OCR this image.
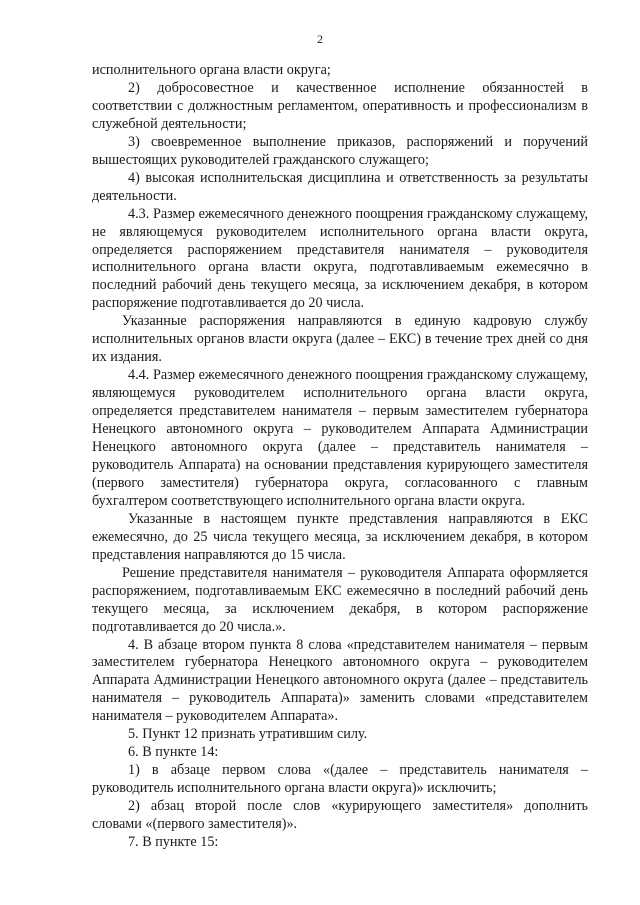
2

исполнительного органа власти округа;

2) добросовестное и качественное исполнение обязанностей в соответствии с должностным регламентом, оперативность и профессионализм в служебной деятельности;

3) своевременное выполнение приказов, распоряжений и поручений вышестоящих руководителей гражданского служащего;

4) высокая исполнительская дисциплина и ответственность за результаты деятельности.

4.3. Размер ежемесячного денежного поощрения гражданскому служащему, не являющемуся руководителем исполнительного органа власти округа, определяется распоряжением представителя нанимателя – руководителя исполнительного органа власти округа, подготавливаемым ежемесячно в последний рабочий день текущего месяца, за исключением декабря, в котором распоряжение подготавливается до 20 числа.

Указанные распоряжения направляются в единую кадровую службу исполнительных органов власти округа (далее – ЕКС) в течение трех дней со дня их издания.

4.4. Размер ежемесячного денежного поощрения гражданскому служащему, являющемуся руководителем исполнительного органа власти округа, определяется представителем нанимателя – первым заместителем губернатора Ненецкого автономного округа – руководителем Аппарата Администрации Ненецкого автономного округа (далее – представитель нанимателя – руководитель Аппарата) на основании представления курирующего заместителя (первого заместителя) губернатора округа, согласованного с главным бухгалтером соответствующего исполнительного органа власти округа.

Указанные в настоящем пункте представления направляются в ЕКС ежемесячно, до 25 числа текущего месяца, за исключением декабря, в котором представления направляются до 15 числа.

Решение представителя нанимателя – руководителя Аппарата оформляется распоряжением, подготавливаемым ЕКС ежемесячно в последний рабочий день текущего месяца, за исключением декабря, в котором распоряжение подготавливается до 20 числа.».

4. В абзаце втором пункта 8 слова «представителем нанимателя – первым заместителем губернатора Ненецкого автономного округа – руководителем Аппарата Администрации Ненецкого автономного округа (далее – представитель нанимателя – руководитель Аппарата)» заменить словами «представителем нанимателя – руководителем Аппарата».

5. Пункт 12 признать утратившим силу.

6. В пункте 14:

1) в абзаце первом слова «(далее – представитель нанимателя – руководитель исполнительного органа власти округа)» исключить;

2) абзац второй после слов «курирующего заместителя» дополнить словами «(первого заместителя)».

7. В пункте 15:
